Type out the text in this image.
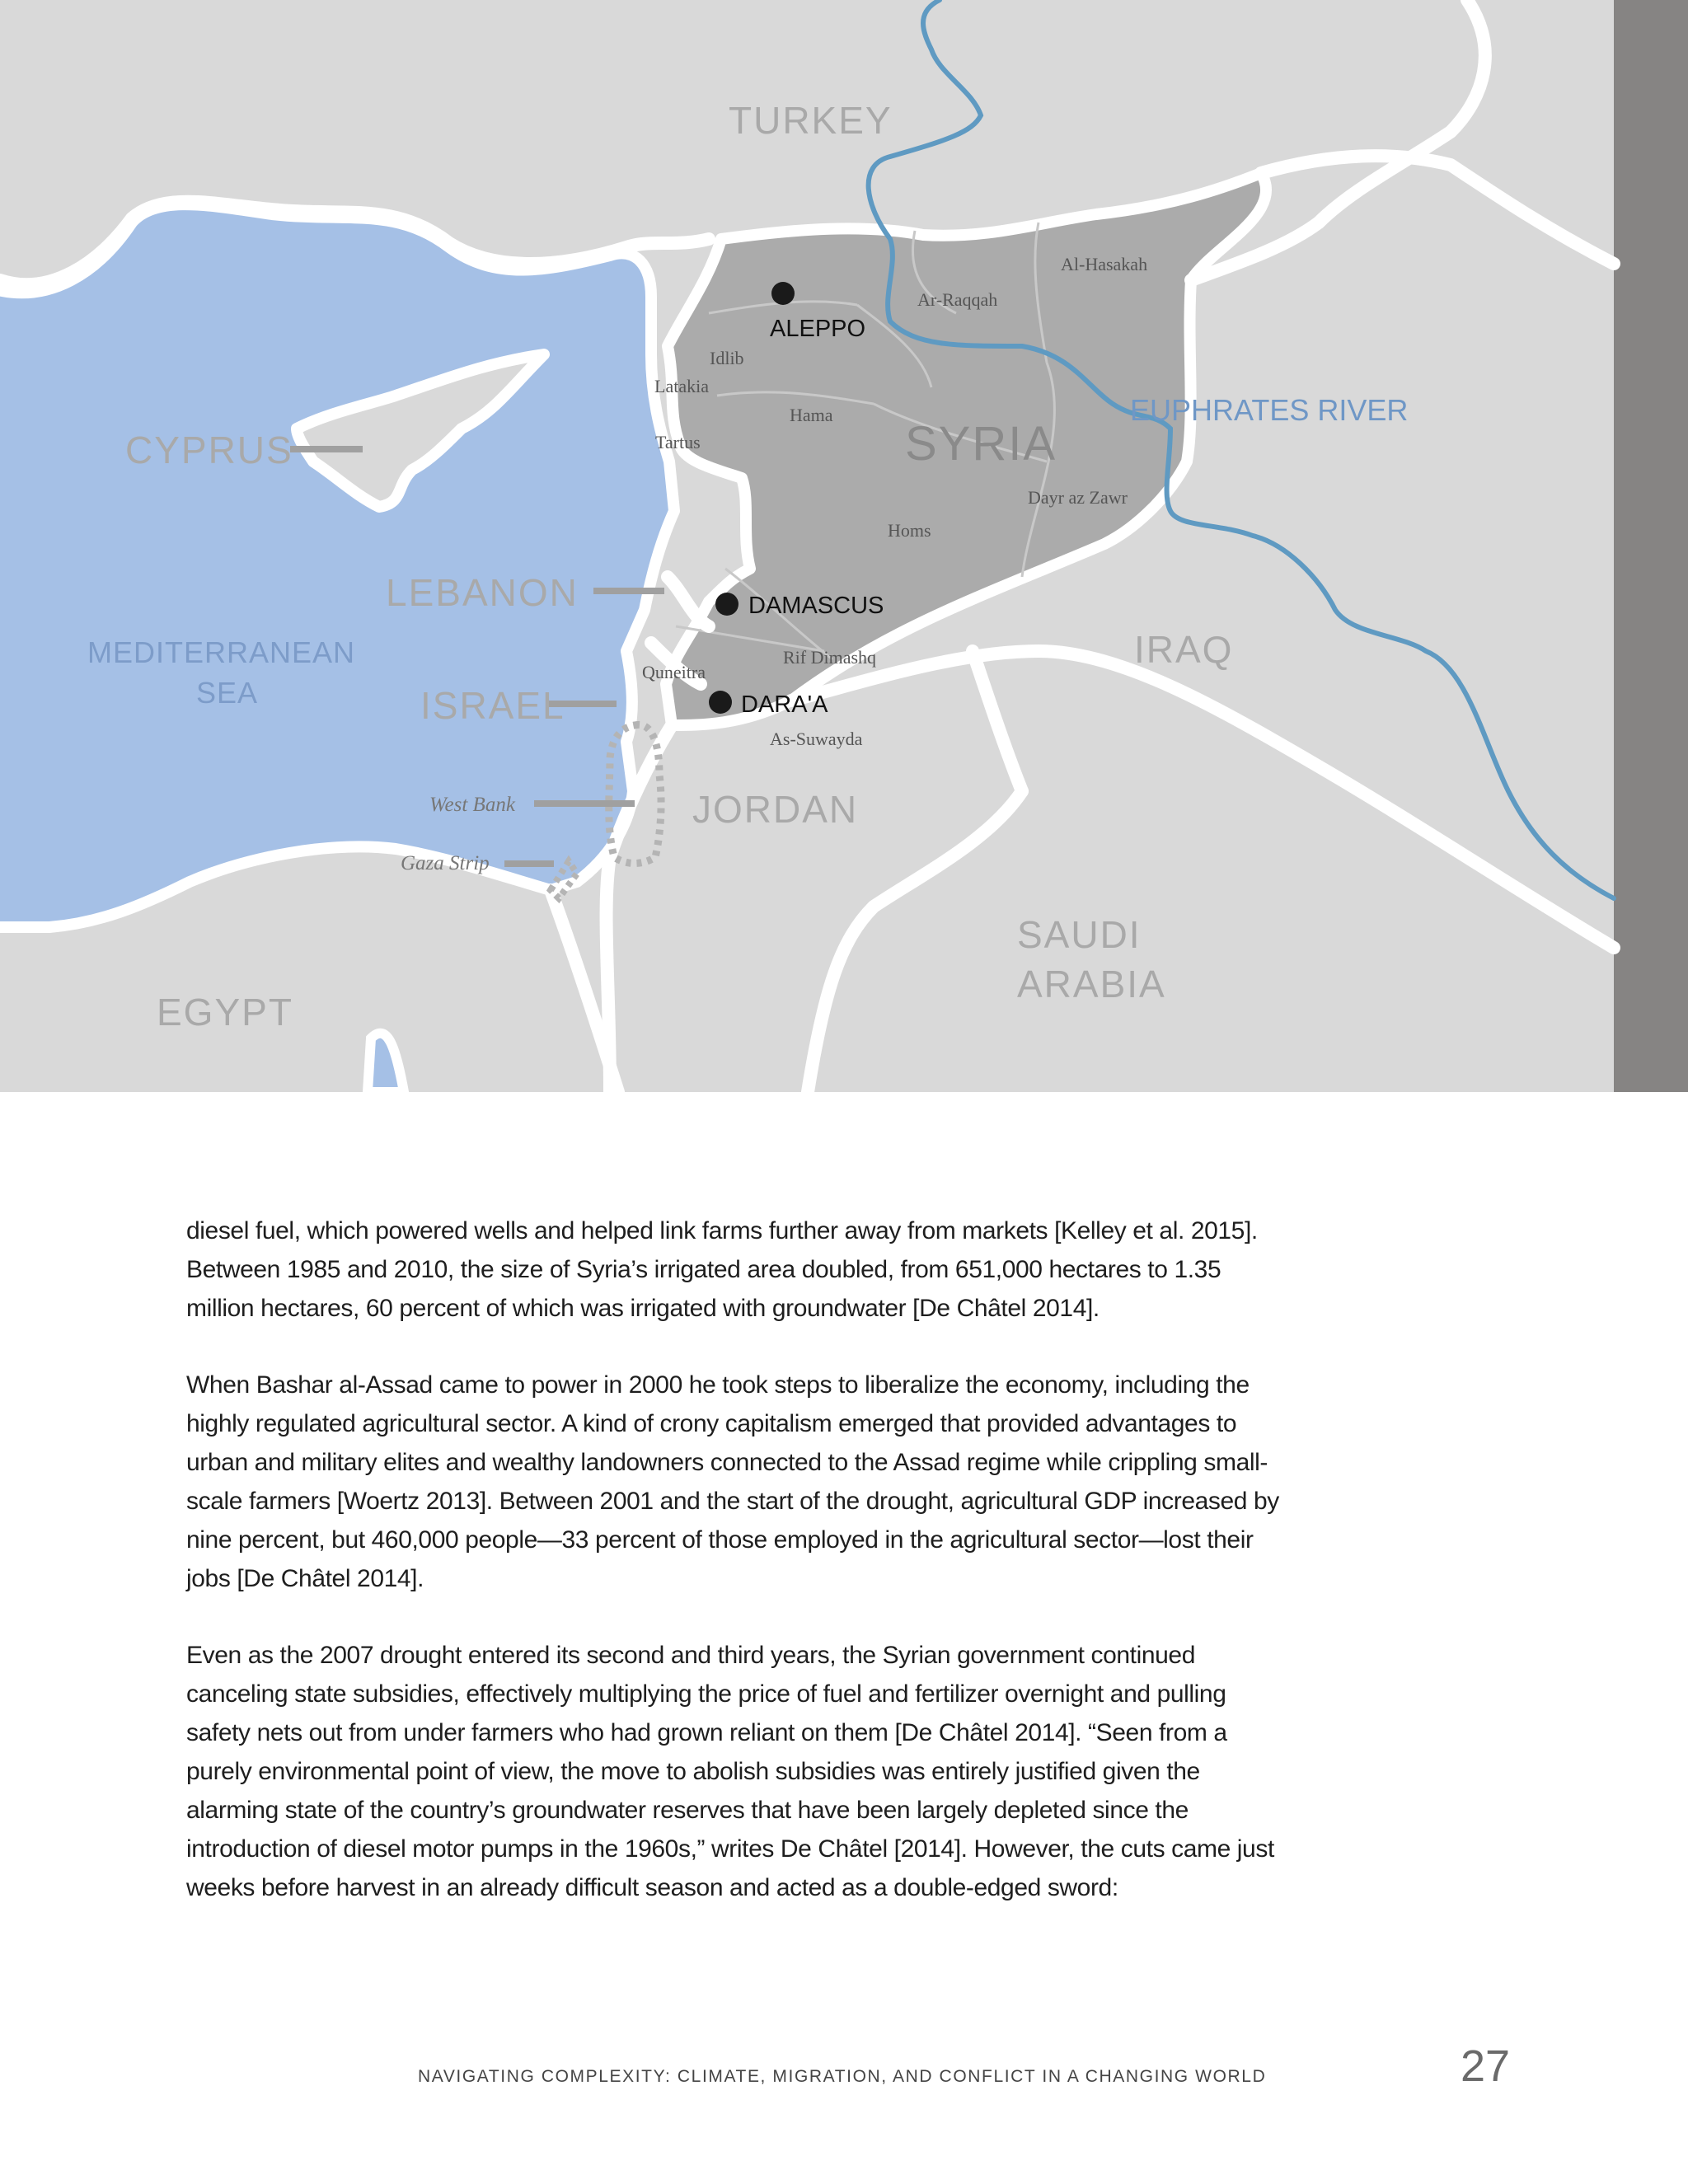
TURKEY
CYPRUS
LEBANON
ISRAEL
JORDAN
IRAQ
SAUDI
ARABIA
EGYPT
SYRIA
MEDITERRANEAN
SEA
EUPHRATES RIVER
ALEPPO
DAMASCUS
DARA'A
Al-Hasakah
Ar-Raqqah
Idlib
Latakia
Hama
Tartus
Dayr az Zawr
Homs
Rif Dimashq
Quneitra
As-Suwayda
West Bank
Gaza Strip

diesel fuel, which powered wells and helped link farms further away from markets [Kelley et al. 2015]. Between 1985 and 2010, the size of Syria’s irrigated area doubled, from 651,000 hectares to 1.35 million hectares, 60 percent of which was irrigated with groundwater [De Châtel 2014].

When Bashar al-Assad came to power in 2000 he took steps to liberalize the economy, including the highly regulated agricultural sector. A kind of crony capitalism emerged that provided advantages to urban and military elites and wealthy landowners connected to the Assad regime while crippling small-scale farmers [Woertz 2013]. Between 2001 and the start of the drought, agricultural GDP increased by nine percent, but 460,000 people—33 percent of those employed in the agricultural sector—lost their jobs [De Châtel 2014].

Even as the 2007 drought entered its second and third years, the Syrian government continued canceling state subsidies, effectively multiplying the price of fuel and fertilizer overnight and pulling safety nets out from under farmers who had grown reliant on them [De Châtel 2014]. “Seen from a purely environmental point of view, the move to abolish subsidies was entirely justified given the alarming state of the country’s groundwater reserves that have been largely depleted since the introduction of diesel motor pumps in the 1960s,” writes De Châtel [2014]. However, the cuts came just weeks before harvest in an already difficult season and acted as a double-edged sword:

NAVIGATING COMPLEXITY: CLIMATE, MIGRATION, AND CONFLICT IN A CHANGING WORLD	27
